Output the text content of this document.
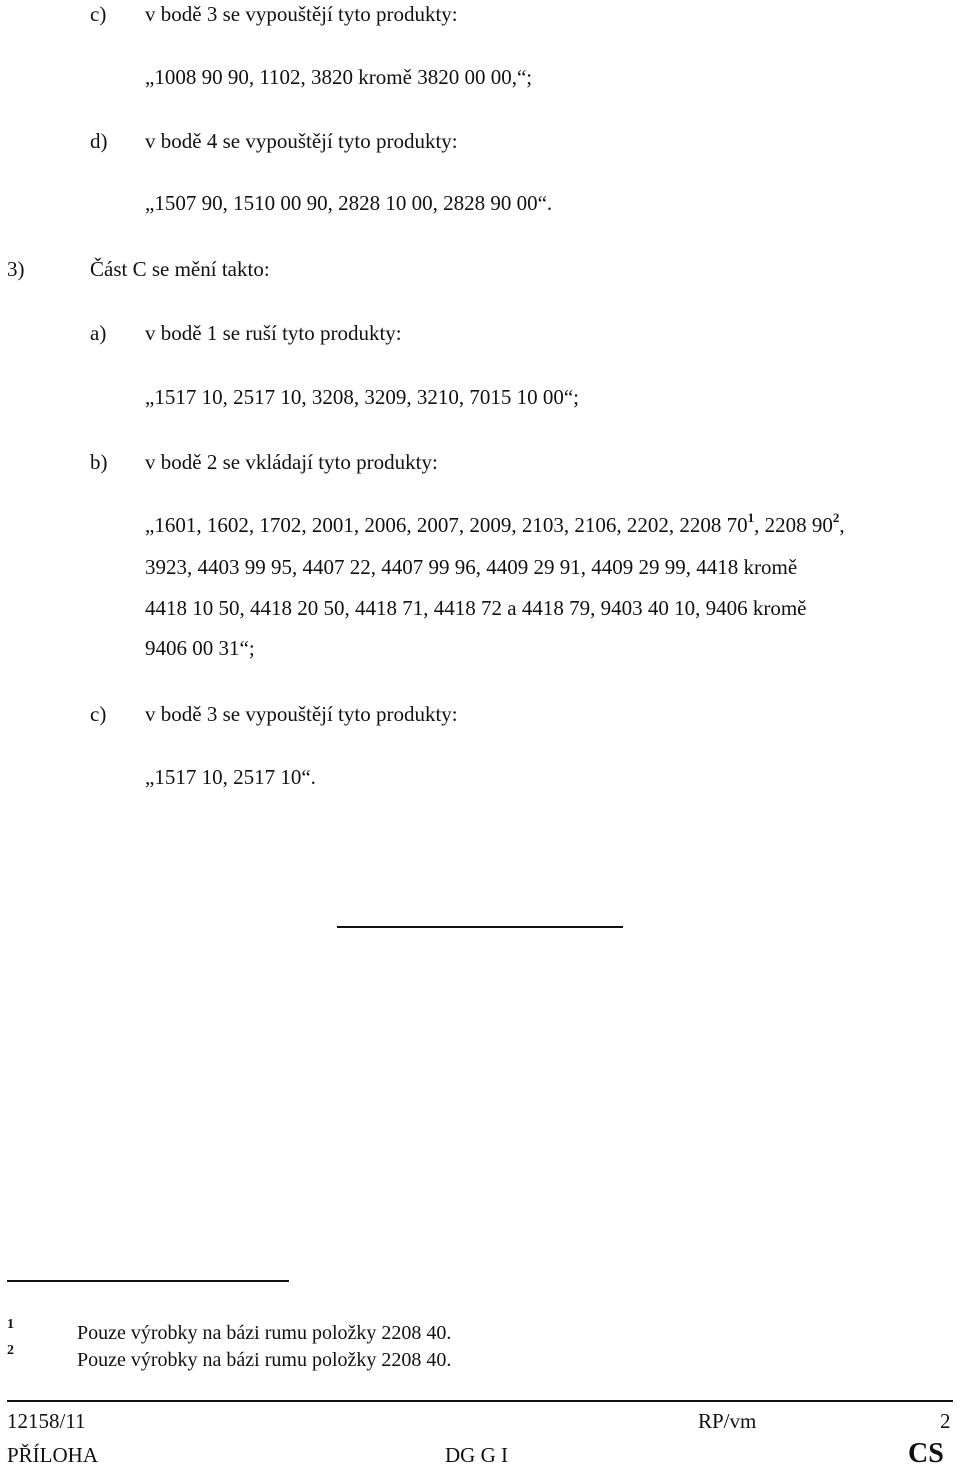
c) v bodě 3 se vypouštějí tyto produkty:
„1008 90 90, 1102, 3820 kromě 3820 00 00,“;
d) v bodě 4 se vypouštějí tyto produkty:
„1507 90, 1510 00 90, 2828 10 00, 2828 90 00“.
3)	Část C se mění takto:
a) v bodě 1 se ruší tyto produkty:
„1517 10, 2517 10, 3208, 3209, 3210, 7015 10 00“;
b) v bodě 2 se vkládají tyto produkty:
„1601, 1602, 1702, 2001, 2006, 2007, 2009, 2103, 2106, 2202, 2208 $70^1$, 2208 $90^2$,
3923, 4403 99 95, 4407 22, 4407 99 96, 4409 29 91, 4409 29 99, 4418 kromě
4418 10 50, 4418 20 50, 4418 71, 4418 72 a 4418 79, 9403 40 10, 9406 kromě
9406 00 31“;
c) v bodě 3 se vypouštějí tyto produkty:
„1517 10, 2517 10“.
1	Pouze výrobky na bázi rumu položky 2208 40.
2	Pouze výrobky na bázi rumu položky 2208 40.
12158/11	RP/vm	2
PŘÍLOHA	DG G I	CS
